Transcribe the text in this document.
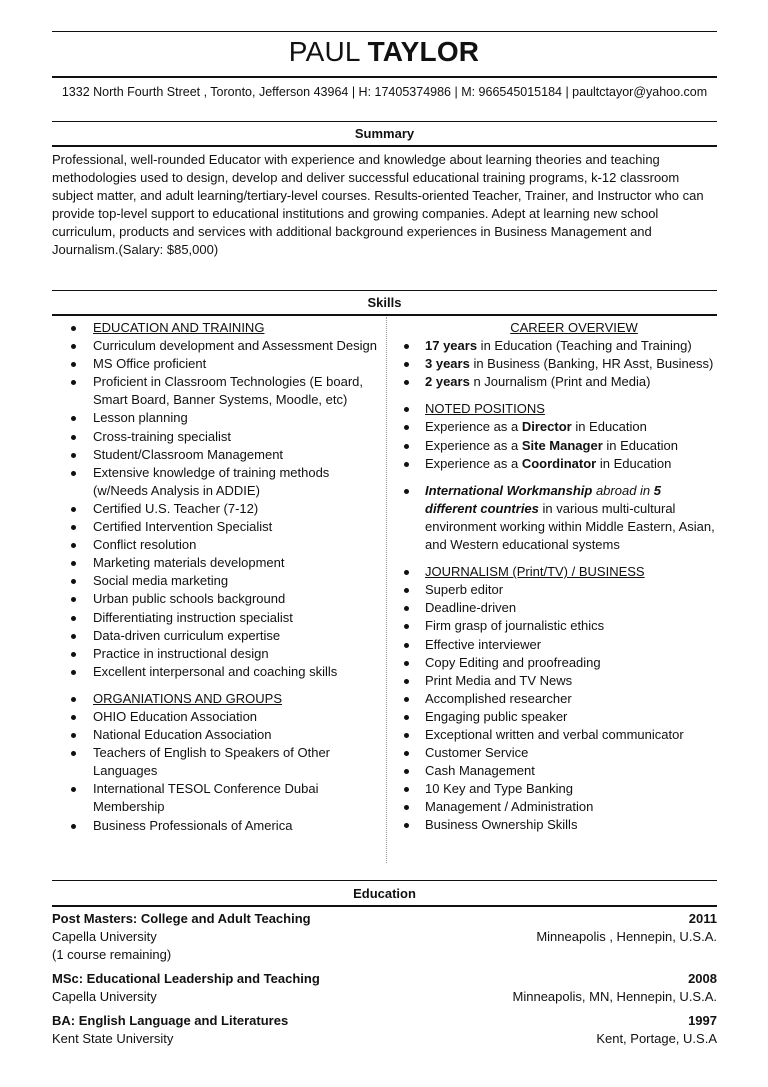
PAUL TAYLOR
1332 North Fourth Street , Toronto, Jefferson 43964 | H: 17405374986 | M: 966545015184 | paultctayor@yahoo.com
Summary
Professional, well-rounded Educator with experience and knowledge about learning theories and teaching
methodologies used to design, develop and deliver successful educational training programs, k-12 classroom
subject matter, and adult learning/tertiary-level courses. Results-oriented Teacher, Trainer, and Instructor who can
provide top-level support to educational institutions and growing companies. Adept at learning new school
curriculum, products and services with additional background experiences in Business Management and
Journalism.(Salary: $85,000)
Skills
EDUCATION AND TRAINING
Curriculum development and Assessment Design
MS Office proficient
Proficient in Classroom Technologies (E board, Smart Board, Banner Systems, Moodle, etc)
Lesson planning
Cross-training specialist
Student/Classroom Management
Extensive knowledge of training methods (w/Needs Analysis in ADDIE)
Certified U.S. Teacher (7-12)
Certified Intervention Specialist
Conflict resolution
Marketing materials development
Social media marketing
Urban public schools background
Differentiating instruction specialist
Data-driven curriculum expertise
Practice in instructional design
Excellent interpersonal and coaching skills
ORGANIATIONS AND GROUPS
OHIO Education Association
National Education Association
Teachers of English to Speakers of Other Languages
International TESOL Conference Dubai Membership
Business Professionals of America
CAREER OVERVIEW
17 years in Education (Teaching and Training)
3 years in Business (Banking, HR Asst, Business)
2 years n Journalism (Print and Media)
NOTED POSITIONS
Experience as a Director in Education
Experience as a Site Manager in Education
Experience as a Coordinator in Education
International Workmanship abroad in 5
different countries in various multi-cultural
environment working within Middle Eastern, Asian,
and Western educational systems
JOURNALISM (Print/TV) / BUSINESS
Superb editor
Deadline-driven
Firm grasp of journalistic ethics
Effective interviewer
Copy Editing and proofreading
Print Media and TV News
Accomplished researcher
Engaging public speaker
Exceptional written and verbal communicator
Customer Service
Cash Management
10 Key and Type Banking
Management / Administration
Business Ownership Skills
Education
Post Masters: College and Adult Teaching	2011
Capella University	Minneapolis , Hennepin, U.S.A.
(1 course remaining)
MSc: Educational Leadership and Teaching	2008
Capella University	Minneapolis, MN, Hennepin, U.S.A.
BA: English Language and Literatures	1997
Kent State University	Kent, Portage, U.S.A
